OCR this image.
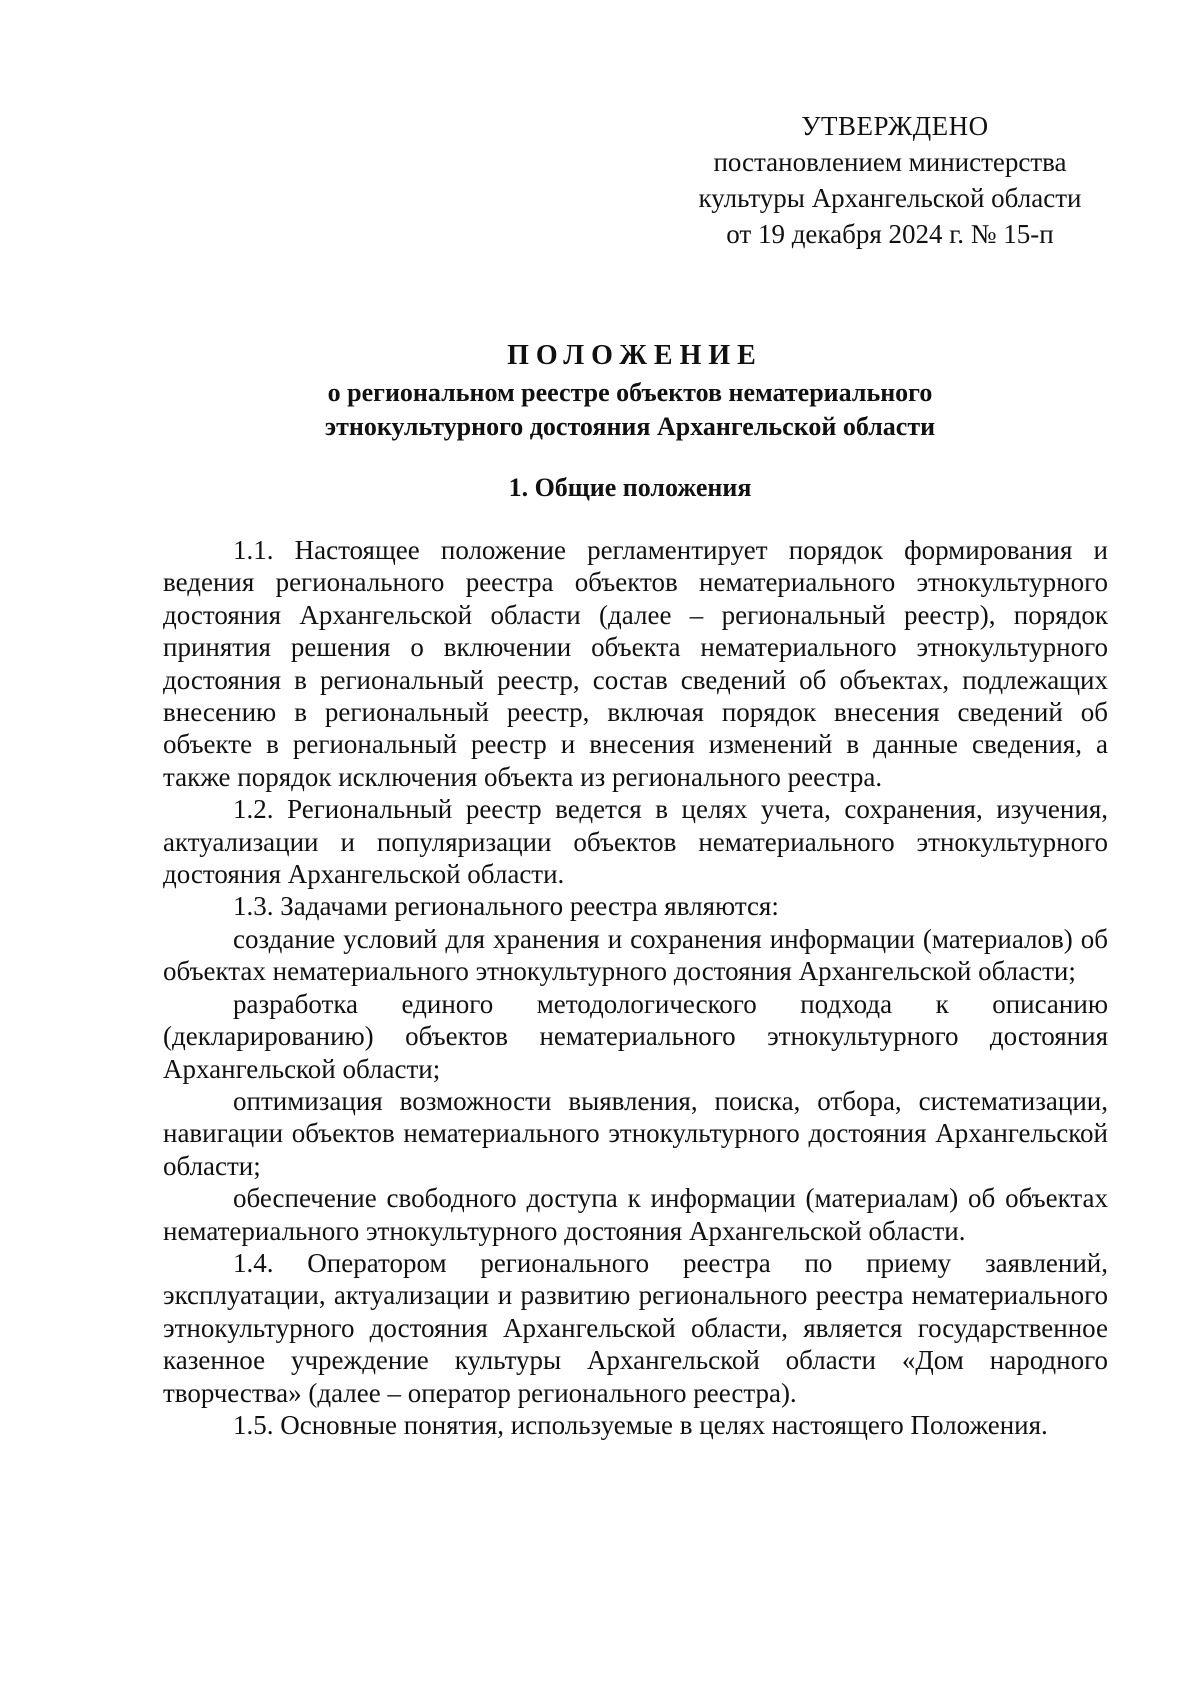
УТВЕРЖДЕНО
постановлением министерства
культуры Архангельской области
от 19 декабря 2024 г. № 15-п
ПОЛОЖЕНИЕ
о региональном реестре объектов нематериального
этнокультурного достояния Архангельской области
1. Общие положения

1.1. Настоящее положение регламентирует порядок формирования и ведения регионального реестра объектов нематериального этнокультурного достояния Архангельской области (далее – региональный реестр), порядок принятия решения о включении объекта нематериального этнокультурного достояния в региональный реестр, состав сведений об объектах, подлежащих внесению в региональный реестр, включая порядок внесения сведений об объекте в региональный реестр и внесения изменений в данные сведения, а также порядок исключения объекта из регионального реестра.

1.2. Региональный реестр ведется в целях учета, сохранения, изучения, актуализации и популяризации объектов нематериального этнокультурного достояния Архангельской области.

1.3. Задачами регионального реестра являются:

создание условий для хранения и сохранения информации (материалов) об объектах нематериального этнокультурного достояния Архангельской области;

разработка единого методологического подхода к описанию (декларированию) объектов нематериального этнокультурного достояния Архангельской области;

оптимизация возможности выявления, поиска, отбора, систематизации, навигации объектов нематериального этнокультурного достояния Архангельской области;

обеспечение свободного доступа к информации (материалам) об объектах нематериального этнокультурного достояния Архангельской области.

1.4. Оператором регионального реестра по приему заявлений, эксплуатации, актуализации и развитию регионального реестра нематериального этнокультурного достояния Архангельской области, является государственное казенное учреждение культуры Архангельской области «Дом народного творчества» (далее – оператор регионального реестра).

1.5. Основные понятия, используемые в целях настоящего Положения.
